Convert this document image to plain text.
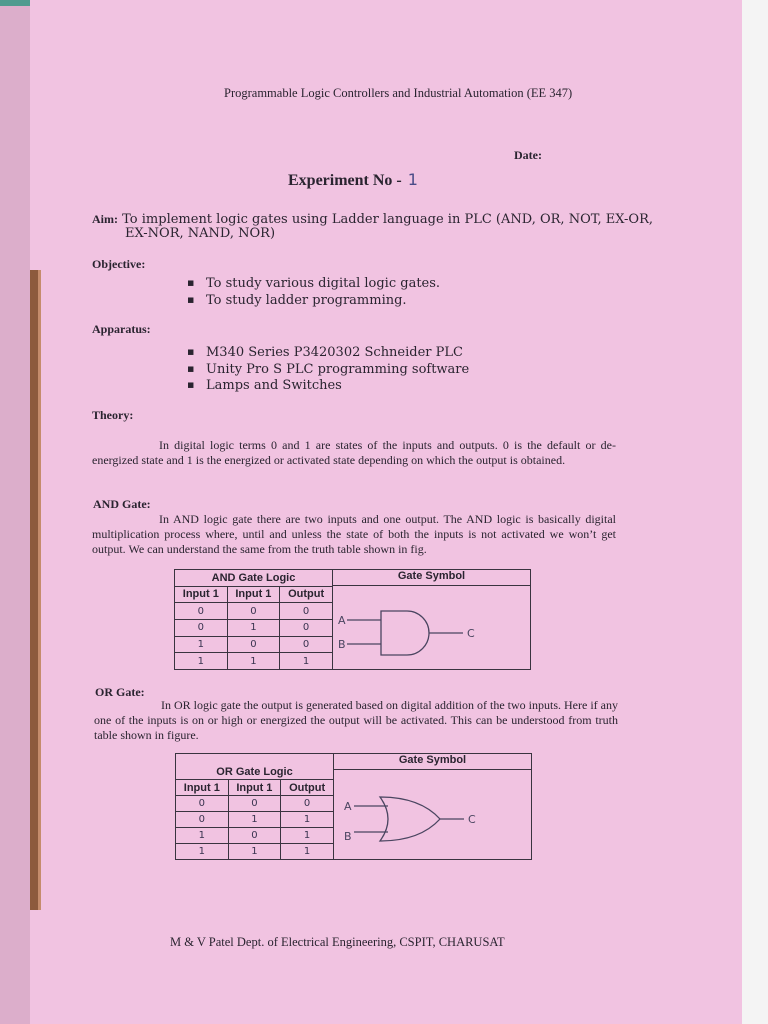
Programmable Logic Controllers and Industrial Automation (EE 347)
Date:
Experiment No - 1
Aim: To implement logic gates using Ladder language in PLC (AND, OR, NOT, EX-OR,
EX-NOR, NAND, NOR)
Objective:
▪ To study various digital logic gates.
▪ To study ladder programming.
Apparatus:
▪ M340 Series P3420302 Schneider PLC
▪ Unity Pro S PLC programming software
▪ Lamps and Switches
Theory:
In digital logic terms 0 and 1 are states of the inputs and outputs. 0 is the default or de-energized state and 1 is the energized or activated state depending on which the output is obtained.
AND Gate:
In AND logic gate there are two inputs and one output. The AND logic is basically digital multiplication process where, until and unless the state of both the inputs is not activated we won’t get output. We can understand the same from the truth table shown in fig.
AND Gate Logic			Gate Symbol
A
B
C

Input 1	Input 1	Output	
0	0	0	
0	1	0	
1	0	0	
1	1	1	
OR Gate:
In OR logic gate the output is generated based on digital addition of the two inputs. Here if any one of the inputs is on or high or energized the output will be activated. This can be understood from truth table shown in figure.
OR Gate Logic			Gate Symbol
A
B
C

Input 1	Input 1	Output	
0	0	0	
0	1	1	
1	0	1	
1	1	1	
M & V Patel Dept. of Electrical Engineering, CSPIT, CHARUSAT
